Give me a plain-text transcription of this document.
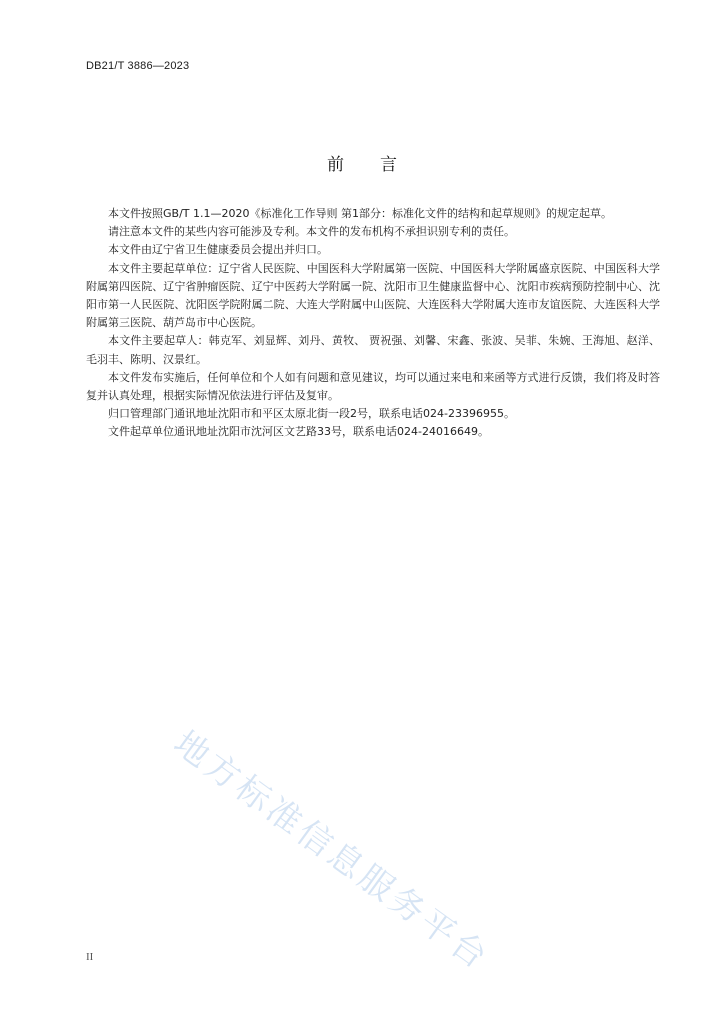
DB21/T 3886—2023
前言

本文件按照GB/T 1.1—2020《标准化工作导则 第1部分：标准化文件的结构和起草规则》的规定起草。

请注意本文件的某些内容可能涉及专利。本文件的发布机构不承担识别专利的责任。

本文件由辽宁省卫生健康委员会提出并归口。

本文件主要起草单位：辽宁省人民医院、中国医科大学附属第一医院、中国医科大学附属盛京医院、中国医科大学附属第四医院、辽宁省肿瘤医院、辽宁中医药大学附属一院、沈阳市卫生健康监督中心、沈阳市疾病预防控制中心、沈阳市第一人民医院、沈阳医学院附属二院、大连大学附属中山医院、大连医科大学附属大连市友谊医院、大连医科大学附属第三医院、葫芦岛市中心医院。

本文件主要起草人：韩克军、刘显辉、刘丹、黄牧、 贾祝强、刘馨、宋鑫、张波、吴菲、朱婉、王海旭、赵洋、毛羽丰、陈明、汉景红。

本文件发布实施后，任何单位和个人如有问题和意见建议，均可以通过来电和来函等方式进行反馈，我们将及时答复并认真处理，根据实际情况依法进行评估及复审。

归口管理部门通讯地址沈阳市和平区太原北街一段2号，联系电话024-23396955。

文件起草单位通讯地址沈阳市沈河区文艺路33号，联系电话024-24016649。

地方标准信息服务平台
II
